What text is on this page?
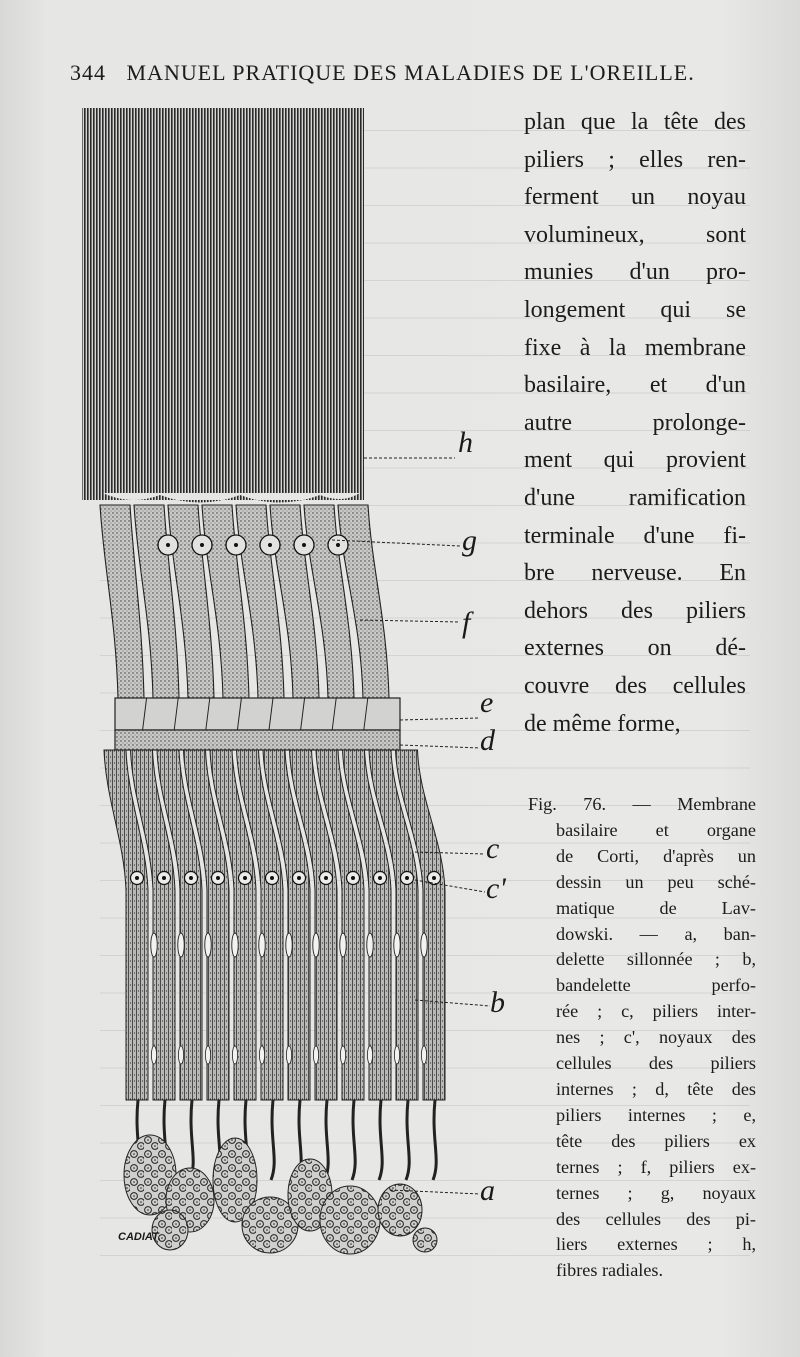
344 MANUEL PRATIQUE DES MALADIES DE L'OREILLE.
h
g
f
e
d
c
c'
b
a
CADIAT.
plan que la tête des
piliers ; elles ren-
ferment un noyau
volumineux, sont
munies d'un pro-
longement qui se
fixe à la membrane
basilaire, et d'un
autre prolonge-
ment qui provient
d'une ramification
terminale d'une fi-
bre nerveuse. En
dehors des piliers
externes on dé-
couvre des cellules
de même forme,
Fig. 76. — Membrane
basilaire et organe
de Corti, d'après un
dessin un peu sché-
matique de Lav-
dowski. — a, ban-
delette sillonnée ; b,
bandelette perfo-
rée ; c, piliers inter-
nes ; c', noyaux des
cellules des piliers
internes ; d, tête des
piliers internes ; e,
tête des piliers ex
ternes ; f, piliers ex-
ternes ; g, noyaux
des cellules des pi-
liers externes ; h,
fibres radiales.
